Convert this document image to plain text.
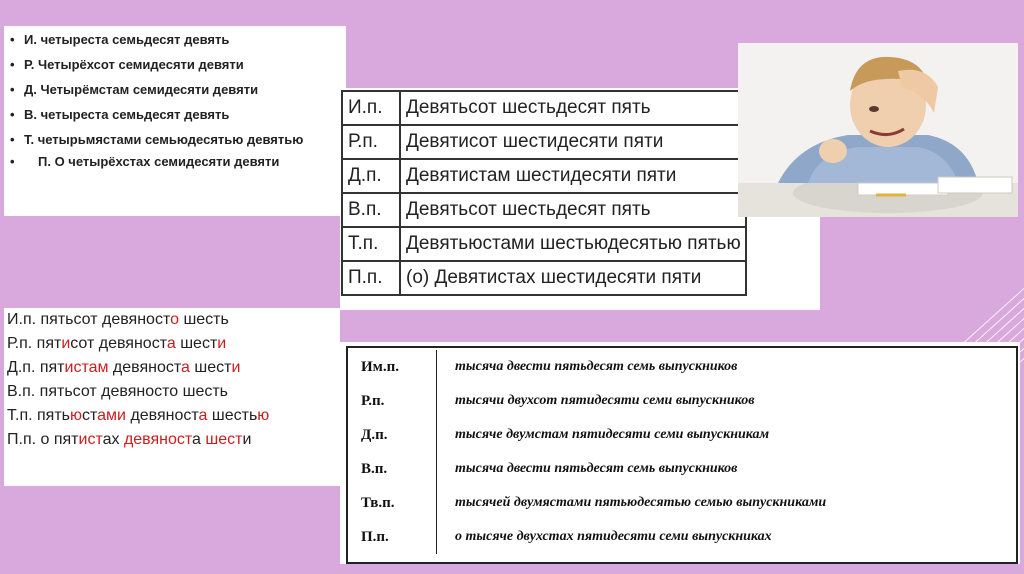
• И. четыреста семьдесят девять
• Р. Четырёхсот семидесяти девяти
• Д. Четырёмстам семидесяти девяти
• В. четыреста семьдесят девять
• Т. четырьмястами семьюдесятью девятью
• П. О четырёхстах семидесяти девяти
И.п.	Девятьсот шестьдесят пять
Р.п.	Девятисот шестидесяти пяти
Д.п.	Девятистам шестидесяти пяти
В.п.	Девятьсот шестьдесят пять
Т.п.	Девятьюстами шестьюдесятью пятью
П.п.	(о) Девятистах шестидесяти пяти
И.п. пятьсот девяносто шесть
Р.п. пятисот девяноста шести
Д.п. пятистам девяноста шести
В.п. пятьсот девяносто шесть
Т.п. пятьюстами девяноста шестью
П.п. о пятистах девяноста шести
Им.п.	тысяча двести пятьдесят семь выпускников
Р.п.	тысячи двухсот пятидесяти семи выпускников
Д.п.	тысяче двумстам пятидесяти семи выпускникам
В.п.	тысяча двести пятьдесят семь выпускников
Тв.п.	тысячей двумястами пятьюдесятью семью выпускниками
П.п.	о тысяче двухстах пятидесяти семи выпускниках
